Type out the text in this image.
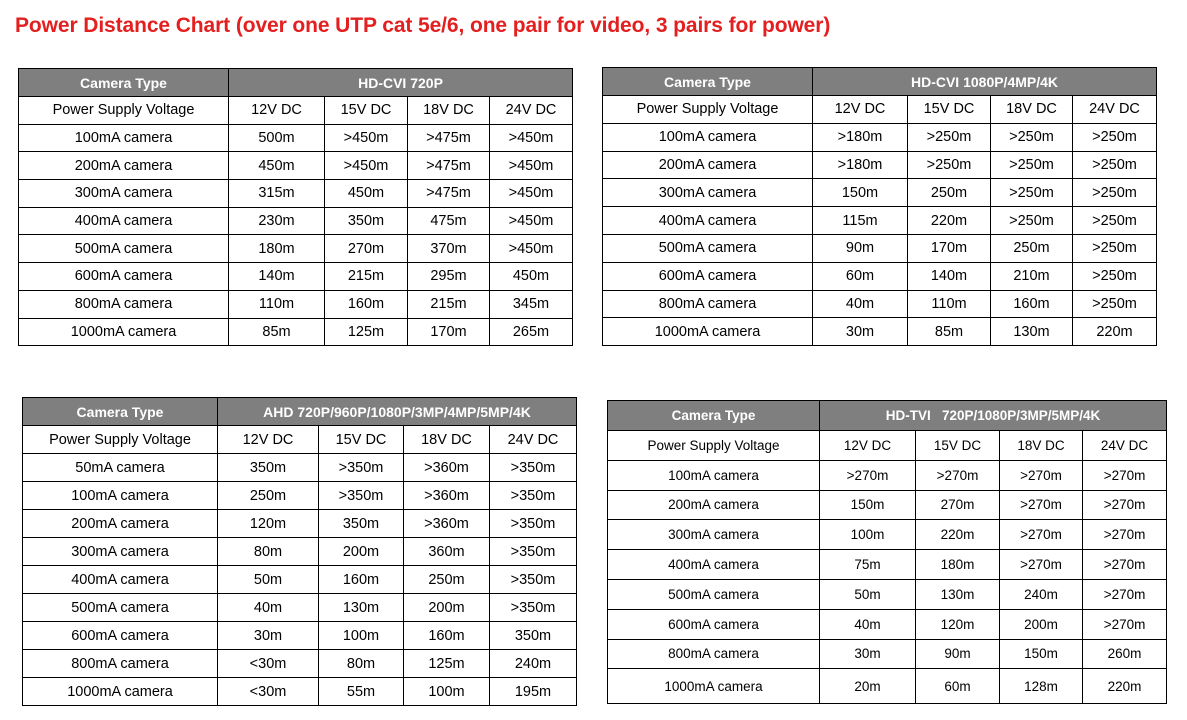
Power Distance Chart (over one UTP cat 5e/6, one pair for video, 3 pairs for power)
Camera Type	HD-CVI 720P			
Power Supply Voltage	12V DC	15V DC	18V DC	24V DC
100mA camera	500m	>450m	>475m	>450m
200mA camera	450m	>450m	>475m	>450m
300mA camera	315m	450m	>475m	>450m
400mA camera	230m	350m	475m	>450m
500mA camera	180m	270m	370m	>450m
600mA camera	140m	215m	295m	450m
800mA camera	110m	160m	215m	345m
1000mA camera	85m	125m	170m	265m
Camera Type	HD-CVI 1080P/4MP/4K			
Power Supply Voltage	12V DC	15V DC	18V DC	24V DC
100mA camera	>180m	>250m	>250m	>250m
200mA camera	>180m	>250m	>250m	>250m
300mA camera	150m	250m	>250m	>250m
400mA camera	115m	220m	>250m	>250m
500mA camera	90m	170m	250m	>250m
600mA camera	60m	140m	210m	>250m
800mA camera	40m	110m	160m	>250m
1000mA camera	30m	85m	130m	220m
Camera Type	AHD 720P/960P/1080P/3MP/4MP/5MP/4K			
Power Supply Voltage	12V DC	15V DC	18V DC	24V DC
50mA camera	350m	>350m	>360m	>350m
100mA camera	250m	>350m	>360m	>350m
200mA camera	120m	350m	>360m	>350m
300mA camera	80m	200m	360m	>350m
400mA camera	50m	160m	250m	>350m
500mA camera	40m	130m	200m	>350m
600mA camera	30m	100m	160m	350m
800mA camera	<30m	80m	125m	240m
1000mA camera	<30m	55m	100m	195m
Camera Type	HD-TVI   720P/1080P/3MP/5MP/4K			
Power Supply Voltage	12V DC	15V DC	18V DC	24V DC
100mA camera	>270m	>270m	>270m	>270m
200mA camera	150m	270m	>270m	>270m
300mA camera	100m	220m	>270m	>270m
400mA camera	75m	180m	>270m	>270m
500mA camera	50m	130m	240m	>270m
600mA camera	40m	120m	200m	>270m
800mA camera	30m	90m	150m	260m
1000mA camera	20m	60m	128m	220m
